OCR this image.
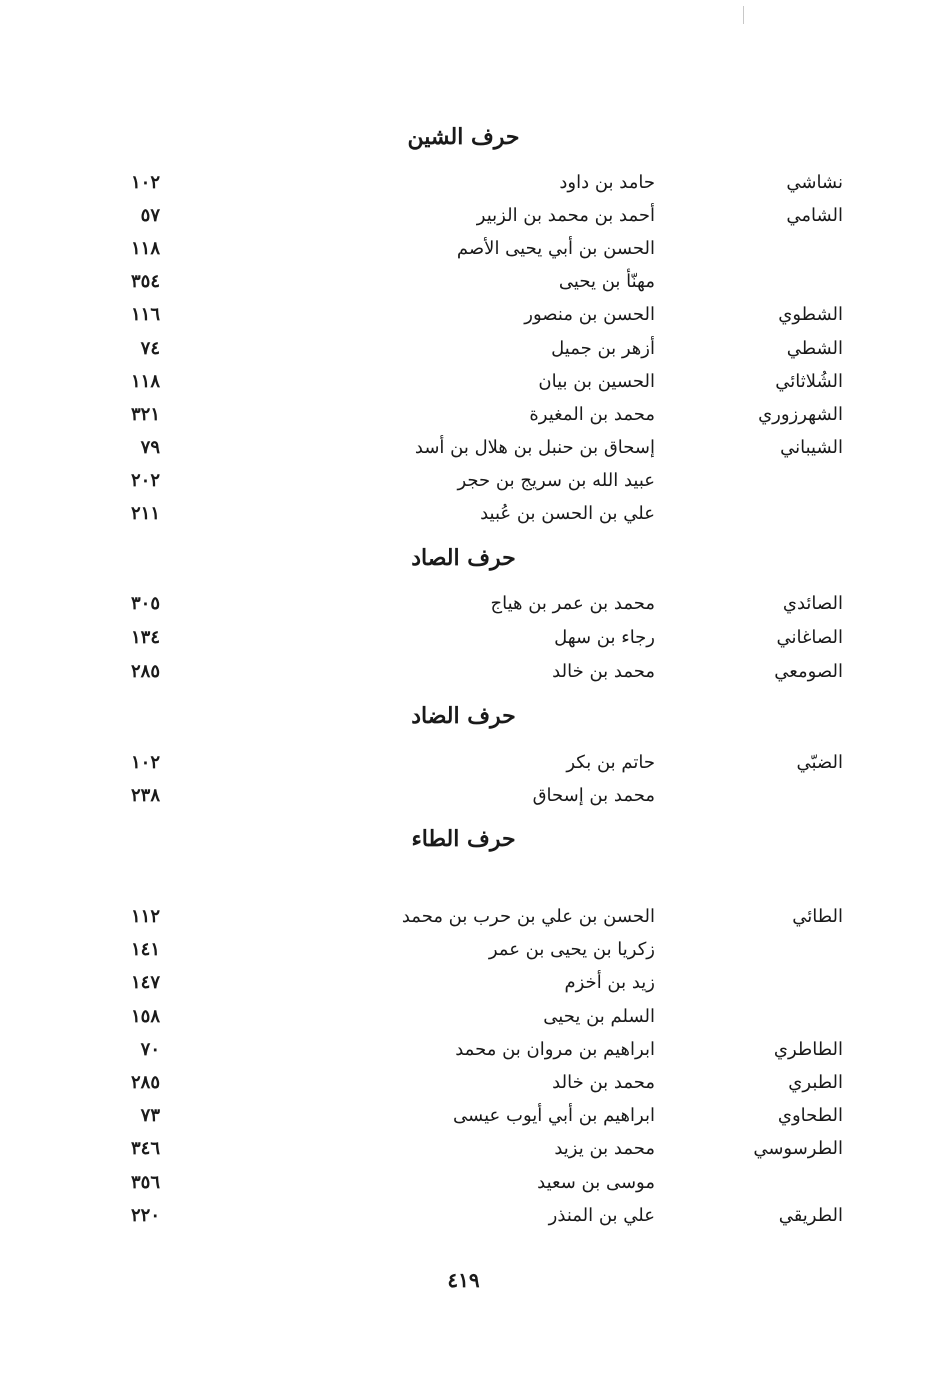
حرف الشين
نشاشي
حامد بن داود
١٠٢
الشامي
أحمد بن محمد بن الزبير
٥٧
الحسن بن أبي يحيى الأصم
١١٨
مهنّأ بن يحيى
٣٥٤
الشطوي
الحسن بن منصور
١١٦
الشطي
أزهر بن جميل
٧٤
الشُلاثائي
الحسين بن بيان
١١٨
الشهرزوري
محمد بن المغيرة
٣٢١
الشيباني
إسحاق بن حنبل بن هلال بن أسد
٧٩
عبيد الله بن سريج بن حجر
٢٠٢
علي بن الحسن بن عُبيد
٢١١
حرف الصاد
الصائدي
محمد بن عمر بن هياج
٣٠٥
الصاغاني
رجاء بن سهل
١٣٤
الصومعي
محمد بن خالد
٢٨٥
حرف الضاد
الضبّي
حاتم بن بكر
١٠٢
محمد بن إسحاق
٢٣٨
حرف الطاء
الطائي
الحسن بن علي بن حرب بن محمد
١١٢
زكريا بن يحيى بن عمر
١٤١
زيد بن أخزم
١٤٧
السلم بن يحيى
١٥٨
الطاطري
ابراهيم بن مروان بن محمد
٧٠
الطبري
محمد بن خالد
٢٨٥
الطحاوي
ابراهيم بن أبي أيوب عيسى
٧٣
الطرسوسي
محمد بن يزيد
٣٤٦
موسى بن سعيد
٣٥٦
الطريقي
علي بن المنذر
٢٢٠
٤١٩
